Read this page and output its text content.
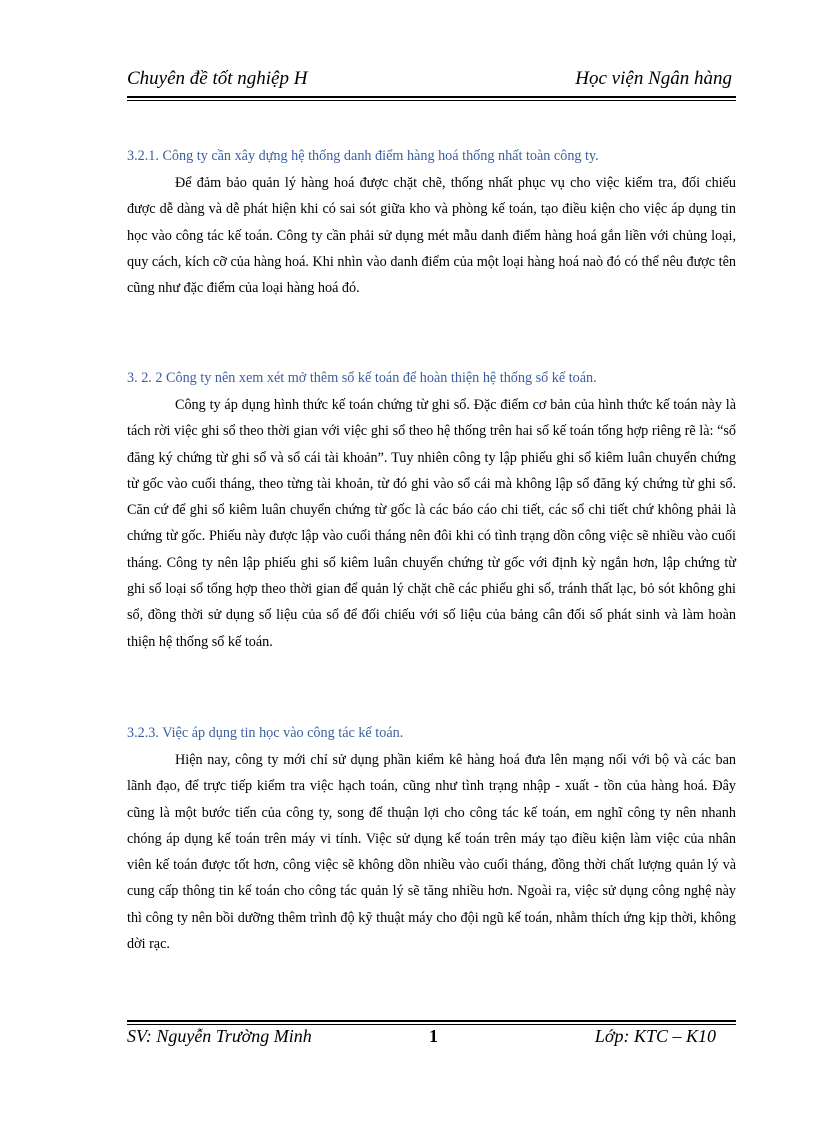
Chuyên đề tốt nghiệp H	Học viện Ngân hàng

3.2.1. Công ty cần xây dựng hệ thống danh điểm hàng hoá thống nhất toàn công ty.

Để đảm bảo quản lý hàng hoá được chặt chẽ, thống nhất phục vụ cho việc kiểm tra, đối chiếu được dễ dàng và dễ phát hiện khi có sai sót giữa kho và phòng kế toán, tạo điều kiện cho việc áp dụng tin học vào công tác kế toán. Công ty cần phải sử dụng mét mẫu danh điểm hàng hoá gắn liền với chủng loại, quy cách, kích cỡ của hàng hoá. Khi nhìn vào danh điểm của một loại hàng hoá naò đó có thể nêu được tên cũng như đặc điểm của loại hàng hoá đó.

3. 2. 2 Công ty nên xem xét mở thêm sổ kế toán để hoàn thiện hệ thống sổ kế toán.

Công ty áp dụng hình thức kế toán chứng từ ghi sổ. Đặc điểm cơ bản của hình thức kế toán này là tách rời việc ghi sổ theo thời gian với việc ghi sổ theo hệ thống trên hai sổ kế toán tổng hợp riêng rẽ là: “sổ đăng ký chứng từ ghi sổ và sổ cái tài khoản”. Tuy nhiên công ty lập phiếu ghi sổ kiêm luân chuyển chứng từ gốc vào cuối tháng, theo từng tài khoản, từ đó ghi vào sổ cái mà không lập sổ đăng ký chứng từ ghi sổ. Căn cứ để ghi sổ kiêm luân chuyển chứng từ gốc là các báo cáo chi tiết, các sổ chi tiết chứ không phải là chứng từ gốc. Phiếu này được lập vào cuối tháng nên đôi khi có tình trạng dồn công việc sẽ nhiều vào cuối tháng. Công ty nên lập phiếu ghi sổ kiêm luân chuyển chứng từ gốc với định kỳ ngắn hơn, lập chứng từ ghi sổ loại sổ tổng hợp theo thời gian để quản lý chặt chẽ các phiếu ghi sổ, tránh thất lạc, bỏ sót không ghi sổ, đồng thời sử dụng số liệu của sổ để đối chiếu với số liệu của bảng cân đối số phát sinh và làm hoàn thiện hệ thống sổ kế toán.

3.2.3. Việc áp dụng tin học vào công tác kế toán.

Hiện nay, công ty mới chỉ sử dụng phần kiểm kê hàng hoá đưa lên mạng nối với bộ và các ban lãnh đạo, để trực tiếp kiểm tra việc hạch toán, cũng như tình trạng nhập - xuất - tồn của hàng hoá. Đây cũng là một bước tiến của công ty, song để thuận lợi cho công tác kế toán, em nghĩ công ty nên nhanh chóng áp dụng kế toán trên máy vi tính. Việc sử dụng kế toán trên máy tạo điều kiện làm việc của nhân viên kế toán được tốt hơn, công việc sẽ không dồn nhiều vào cuối tháng, đồng thời chất lượng quản lý và cung cấp thông tin kế toán cho công tác quản lý sẽ tăng nhiều hơn. Ngoài ra, việc sử dụng công nghệ này thì công ty nên bồi dưỡng thêm trình độ kỹ thuật máy cho đội ngũ kế toán, nhằm thích ứng kịp thời, không dời rạc.

SV: Nguyễn Trường Minh	1	Lớp: KTC – K10
